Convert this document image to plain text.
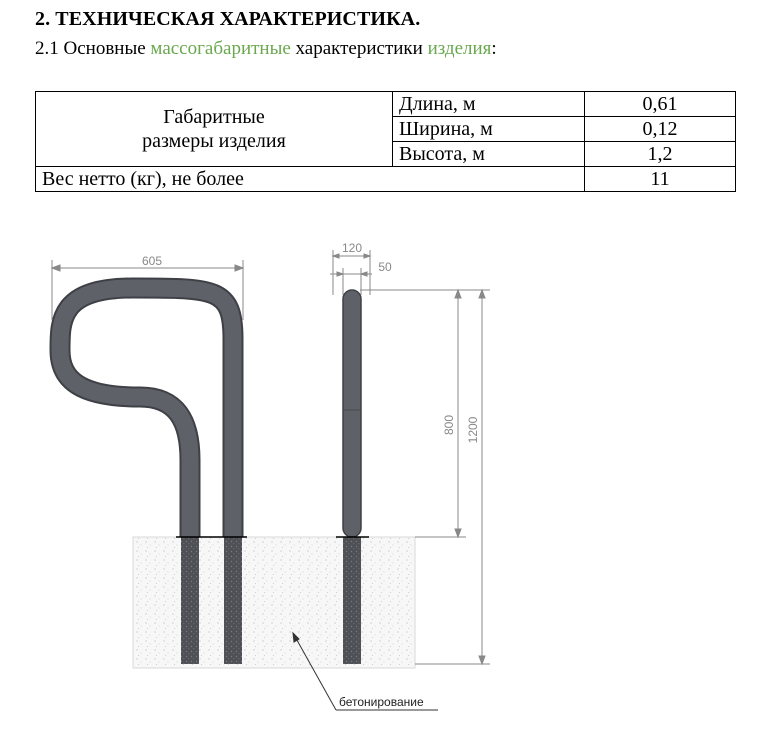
2. ТЕХНИЧЕСКАЯ ХАРАКТЕРИСТИКА.
2.1 Основные массогабаритные характеристики изделия:
Габаритные
размеры изделия	Длина, м	0,61
	Ширина, м	0,12
	Высота, м	1,2
Вес нетто (кг), не более		11
605
120
50
800 1200
бетонирование
